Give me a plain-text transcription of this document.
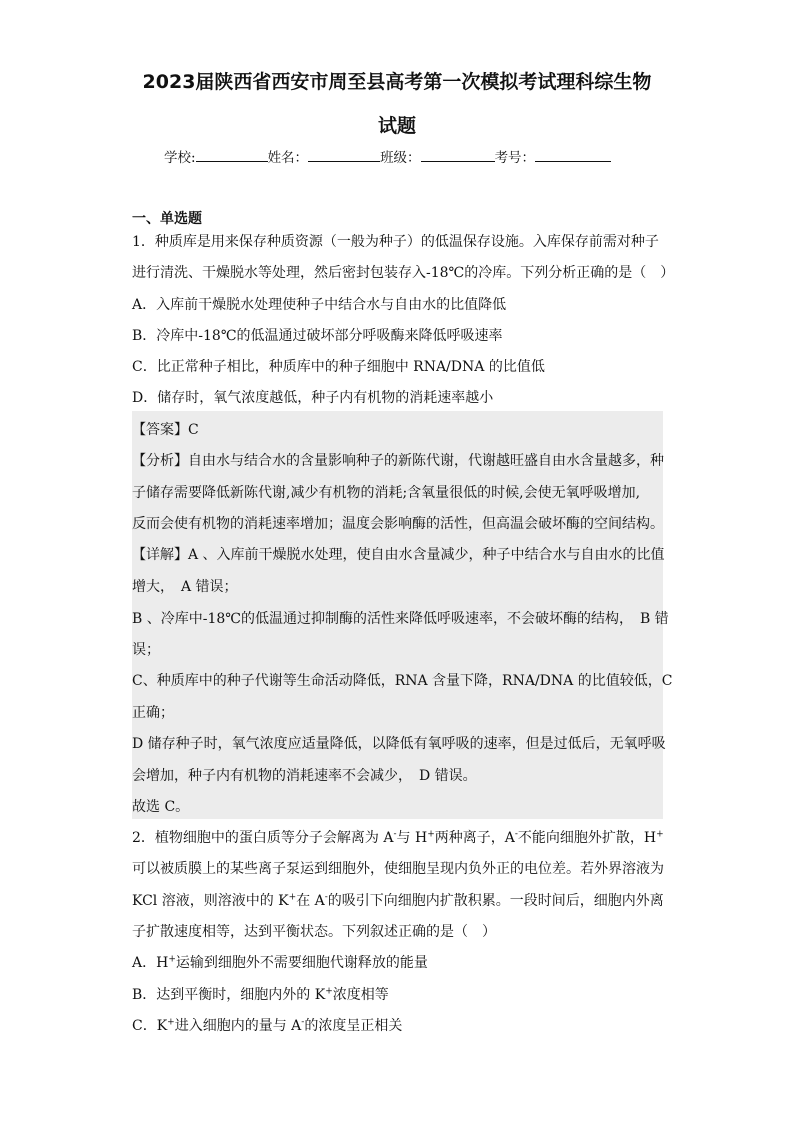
2023届陕西省西安市周至县高考第一次模拟考试理科综生物
试题
学校:	姓名：	班级：	考号：
一、单选题
1．种质库是用来保存种质资源（一般为种子）的低温保存设施。入库保存前需对种子
进行清洗、干燥脱水等处理，然后密封包装存入-18℃的冷库。下列分析正确的是（　）
A．入库前干燥脱水处理使种子中结合水与自由水的比值降低
B．冷库中-18℃的低温通过破坏部分呼吸酶来降低呼吸速率
C．比正常种子相比，种质库中的种子细胞中 RNA/DNA 的比值低
D．储存时，氧气浓度越低，种子内有机物的消耗速率越小
【答案】C
【分析】自由水与结合水的含量影响种子的新陈代谢，代谢越旺盛自由水含量越多，种
子储存需要降低新陈代谢,减少有机物的消耗;含氧量很低的时候,会使无氧呼吸增加,
反而会使有机物的消耗速率增加；温度会影响酶的活性，但高温会破坏酶的空间结构。
【详解】A 、入库前干燥脱水处理，使自由水含量减少，种子中结合水与自由水的比值
增大，　A 错误；
B 、冷库中-18℃的低温通过抑制酶的活性来降低呼吸速率，不会破坏酶的结构，　B 错
误；
C、种质库中的种子代谢等生命活动降低，RNA 含量下降，RNA/DNA 的比值较低，C
正确；
D 储存种子时，氧气浓度应适量降低，以降低有氧呼吸的速率，但是过低后，无氧呼吸
会增加，种子内有机物的消耗速率不会减少，　D 错误。
故选 C。
2．植物细胞中的蛋白质等分子会解离为 A-与 H+两种离子，A-不能向细胞外扩散，H+
可以被质膜上的某些离子泵运到细胞外，使细胞呈现内负外正的电位差。若外界溶液为
KCl 溶液，则溶液中的 K+在 A-的吸引下向细胞内扩散积累。一段时间后，细胞内外离
子扩散速度相等，达到平衡状态。下列叙述正确的是（　）
A．H+运输到细胞外不需要细胞代谢释放的能量
B．达到平衡时，细胞内外的 K+浓度相等
C．K+进入细胞内的量与 A-的浓度呈正相关
